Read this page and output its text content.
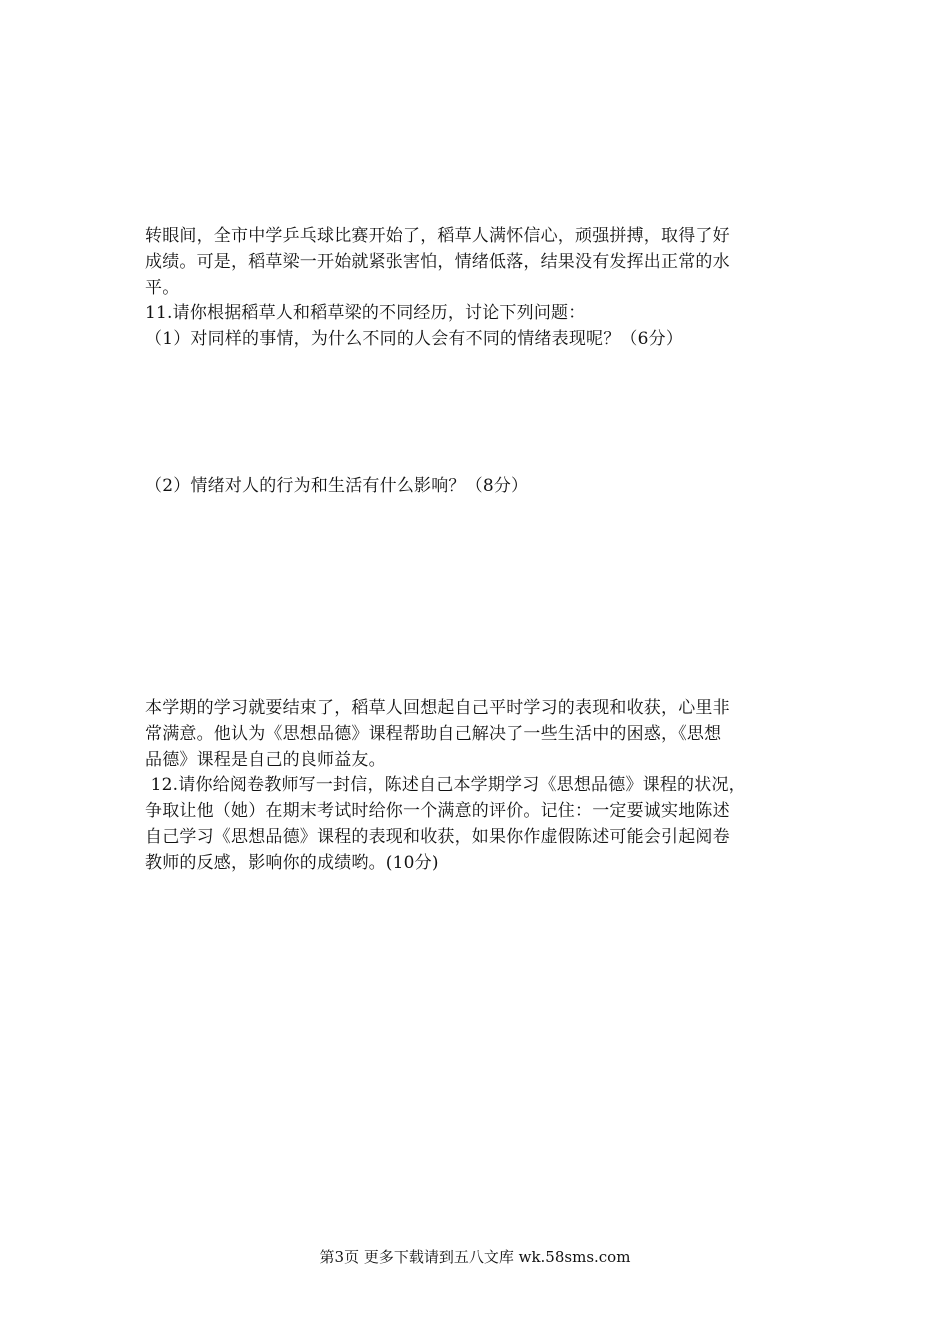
转眼间，全市中学乒乓球比赛开始了，稻草人满怀信心，顽强拼搏，取得了好
成绩。可是，稻草梁一开始就紧张害怕，情绪低落，结果没有发挥出正常的水
平。
11.请你根据稻草人和稻草梁的不同经历，讨论下列问题：
（1）对同样的事情，为什么不同的人会有不同的情绪表现呢？（6分）
（2）情绪对人的行为和生活有什么影响？（8分）
本学期的学习就要结束了，稻草人回想起自己平时学习的表现和收获，心里非
常满意。他认为《思想品德》课程帮助自己解决了一些生活中的困惑，《思想
品德》课程是自己的良师益友。
12.请你给阅卷教师写一封信，陈述自己本学期学习《思想品德》课程的状况，
争取让他（她）在期末考试时给你一个满意的评价。记住：一定要诚实地陈述
自己学习《思想品德》课程的表现和收获，如果你作虚假陈述可能会引起阅卷
教师的反感，影响你的成绩哟。(10分)
第3页 更多下载请到五八文库 wk.58sms.com
